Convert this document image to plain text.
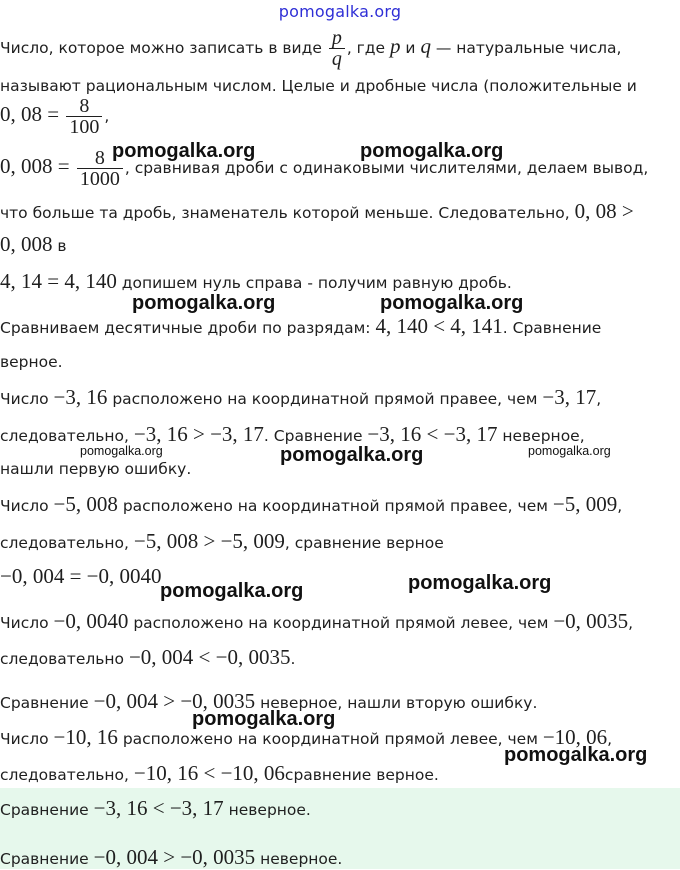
pomogalka.org
Число, которое можно записать в виде $\frac{p}{q}$ , где p и q — натуральные числа,
называют рациональным числом. Целые и дробные числа (положительные и
0, $08 = \frac{8}{100}$ ,
0, $008 = \frac{8}{1000}$ , сравнивая дроби с одинаковыми числителями, делаем вывод,
что больше та дробь, знаменатель которой меньше. Следовательно, 0, 08 >
0, 008 в
4, 14 = 4, 140 допишем нуль справа - получим равную дробь.
Сравниваем десятичные дроби по разрядам: 4, 140 < 4, 141. Сравнение
верное.
Число −3, 16 расположено на координатной прямой правее, чем −3, 17,
следовательно, −3, 16 > −3, 17. Сравнение −3, 16 < −3, 17 неверное,
нашли первую ошибку.
Число −5, 008 расположено на координатной прямой правее, чем −5, 009,
следовательно, −5, 008 > −5, 009, сравнение верное
−0, 004 = −0, 0040
Число −0, 0040 расположено на координатной прямой левее, чем −0, 0035,
следовательно −0, 004 < −0, 0035.
Сравнение −0, 004 > −0, 0035 неверное, нашли вторую ошибку.
Число −10, 16 расположено на координатной прямой левее, чем −10, 06,
следовательно, −10, 16 < −10, 06сравнение верное.
Сравнение −3, 16 < −3, 17 неверное.
Сравнение −0, 004 > −0, 0035 неверное.
pomogalka.org	pomogalka.org
pomogalka.org	pomogalka.org
pomogalka.org	pomogalka.org	pomogalka.org
pomogalka.org	pomogalka.org
pomogalka.org
pomogalka.org
